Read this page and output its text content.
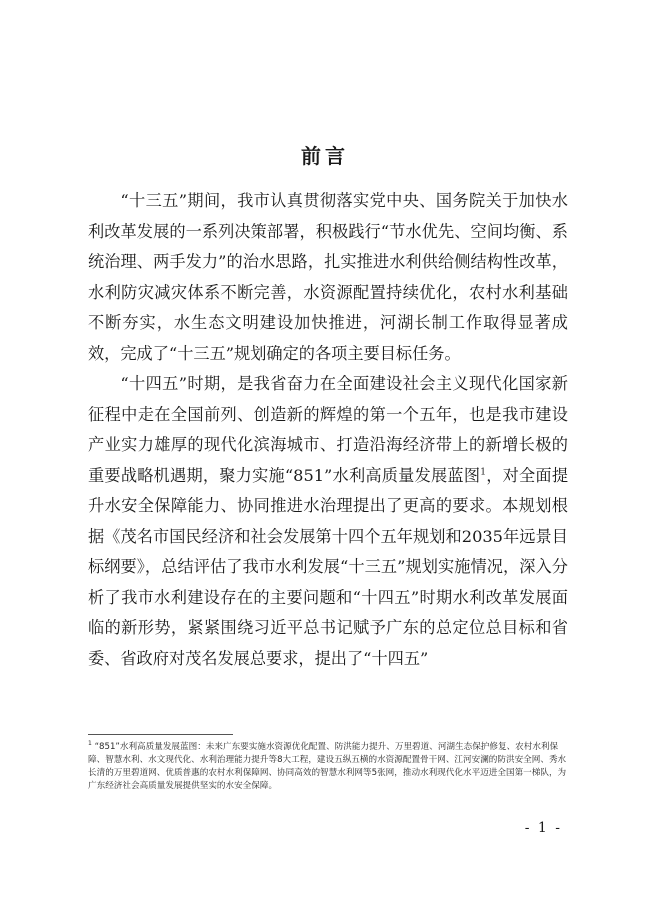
前言

“十三五”期间，我市认真贯彻落实党中央、国务院关于加快水利改革发展的一系列决策部署，积极践行“节水优先、空间均衡、系统治理、两手发力”的治水思路，扎实推进水利供给侧结构性改革，水利防灾减灾体系不断完善，水资源配置持续优化，农村水利基础不断夯实，水生态文明建设加快推进，河湖长制工作取得显著成效，完成了“十三五”规划确定的各项主要目标任务。

“十四五”时期，是我省奋力在全面建设社会主义现代化国家新征程中走在全国前列、创造新的辉煌的第一个五年，也是我市建设产业实力雄厚的现代化滨海城市、打造沿海经济带上的新增长极的重要战略机遇期，聚力实施“851”水利高质量发展蓝图$^1$，对全面提升水安全保障能力、协同推进水治理提出了更高的要求。本规划根据《茂名市国民经济和社会发展第十四个五年规划和2035年远景目标纲要》，总结评估了我市水利发展“十三五”规划实施情况，深入分析了我市水利建设存在的主要问题和“十四五”时期水利改革发展面临的新形势，紧紧围绕习近平总书记赋予广东的总定位总目标和省委、省政府对茂名发展总要求，提出了“十四五”

$^1$ “851”水利高质量发展蓝图：未来广东要实施水资源优化配置、防洪能力提升、万里碧道、河湖生态保护修复、农村水利保障、智慧水利、水文现代化、水利治理能力提升等8大工程，建设五纵五横的水资源配置骨干网、江河安澜的防洪安全网、秀水长清的万里碧道网、优质普惠的农村水利保障网、协同高效的智慧水利网等5张网，推动水利现代化水平迈进全国第一梯队，为广东经济社会高质量发展提供坚实的水安全保障。
- 1 -
